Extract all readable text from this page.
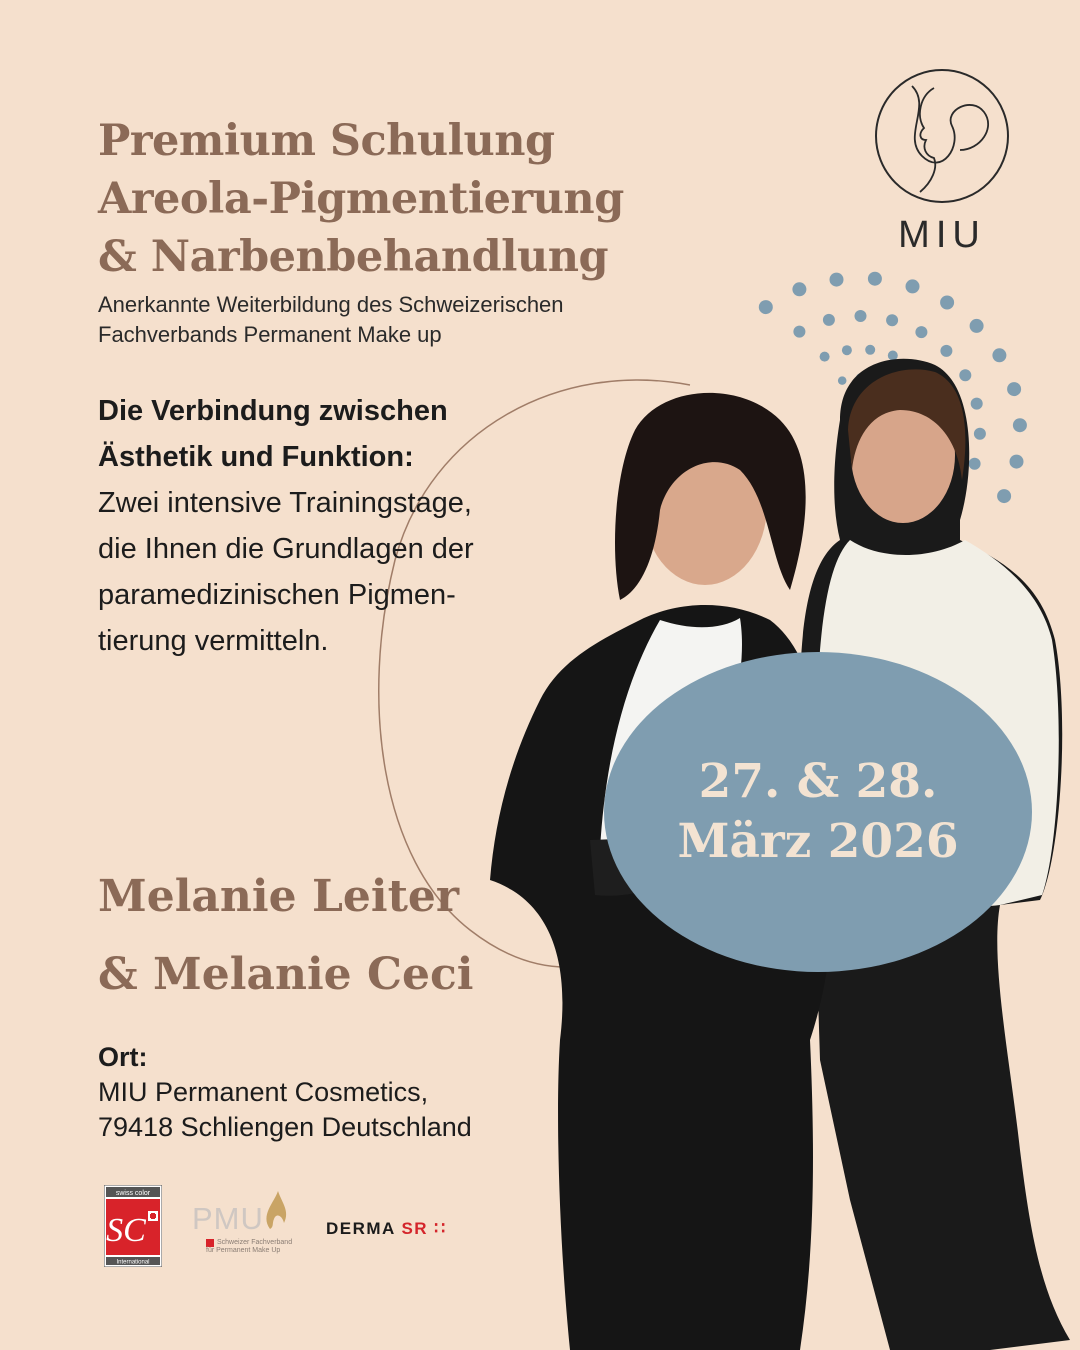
MIU
Premium Schulung
Areola-Pigmentierung
& Narbenbehandlung
Anerkannte Weiterbildung des Schweizerischen
Fachverbands Permanent Make up
Die Verbindung zwischen
Ästhetik und Funktion:
Zwei intensive Trainingstage,
die Ihnen die Grundlagen der
paramedizinischen Pigmen-
tierung vermitteln.
27. & 28.
März 2026
Melanie Leiter
& Melanie Ceci
Ort:
MIU Permanent Cosmetics,
79418 Schliengen Deutschland
swiss color
SC
International
PMU
Schweizer Fachverband für Permanent Make Up
DERMA SR ∷
